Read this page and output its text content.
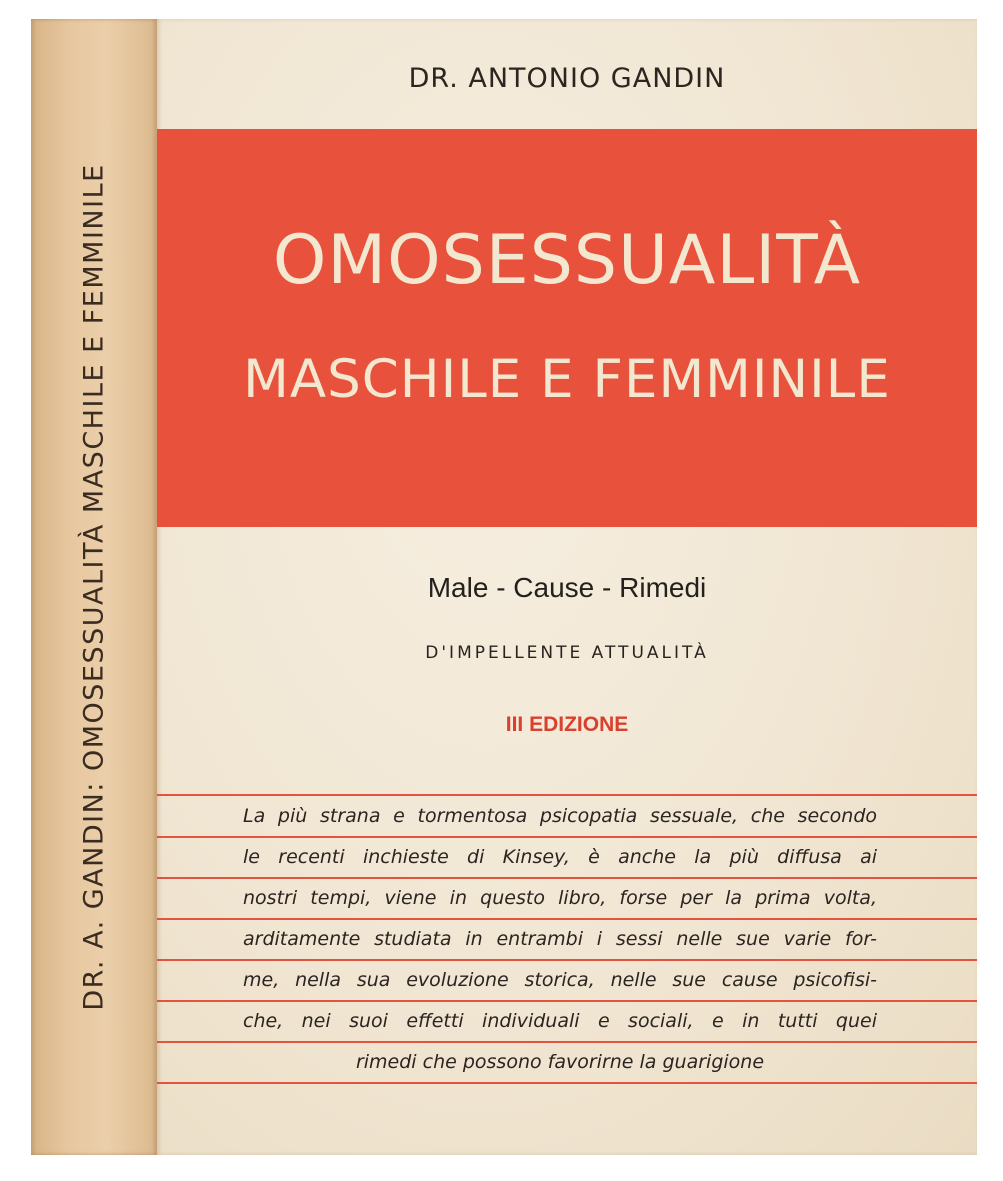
DR. A. GANDIN: OMOSESSUALITÀ MASCHILE E FEMMINILE
DR. ANTONIO GANDIN
OMOSESSUALITÀ
MASCHILE E FEMMINILE
Male - Cause - Rimedi
D'IMPELLENTE ATTUALITÀ
III EDIZIONE
La più strana e tormentosa psicopatia sessuale, che secondo
le recenti inchieste di Kinsey, è anche la più diffusa ai
nostri tempi, viene in questo libro, forse per la prima volta,
arditamente studiata in entrambi i sessi nelle sue varie for-
me, nella sua evoluzione storica, nelle sue cause psicofisi-
che, nei suoi effetti individuali e sociali, e in tutti quei
rimedi che possono favorirne la guarigione
